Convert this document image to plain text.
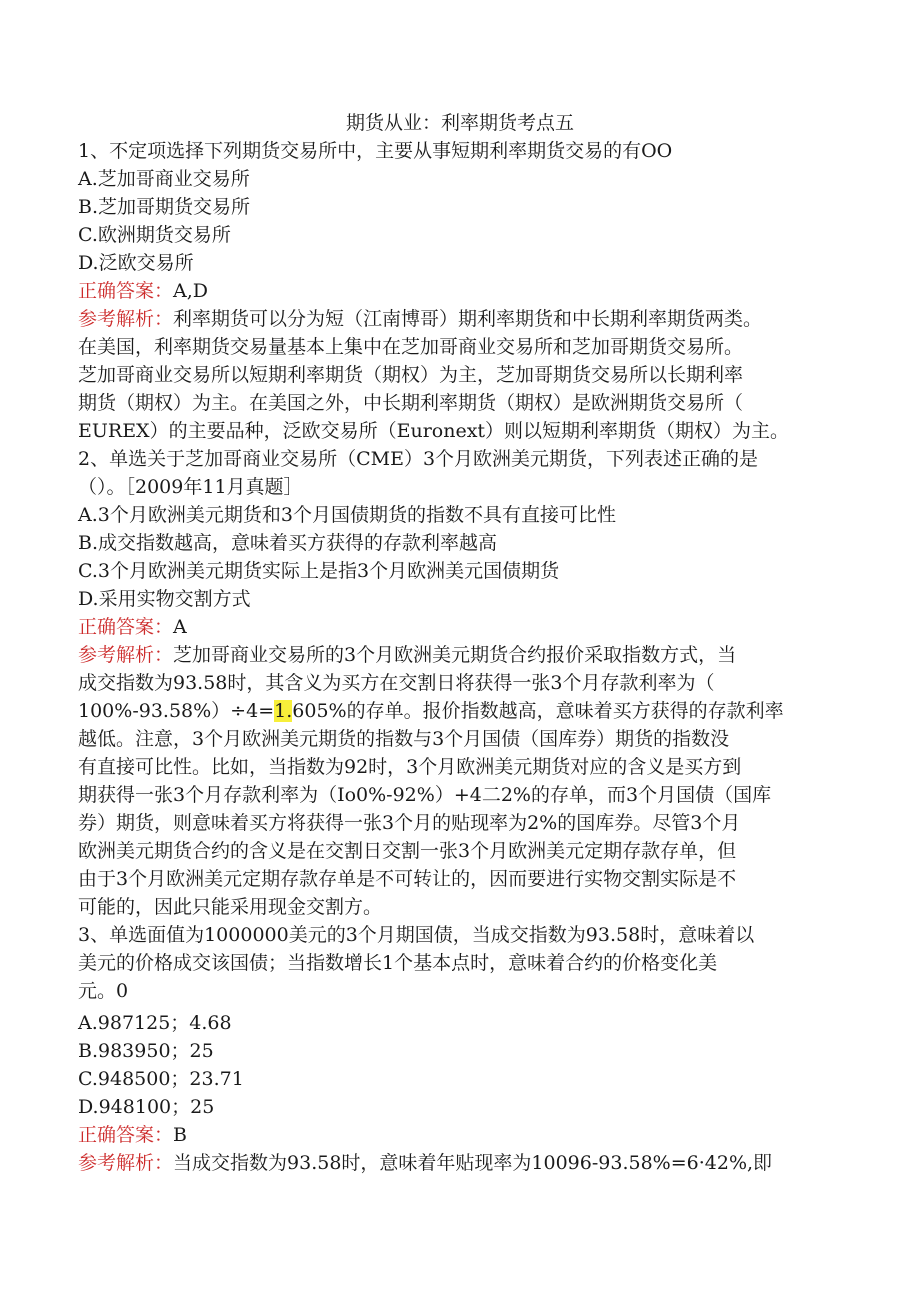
期货从业：利率期货考点五
1、不定项选择下列期货交易所中，主要从事短期利率期货交易的有OO
A.芝加哥商业交易所
B.芝加哥期货交易所
C.欧洲期货交易所
D.泛欧交易所
正确答案：A,D
参考解析：利率期货可以分为短（江南博哥）期利率期货和中长期利率期货两类。
在美国，利率期货交易量基本上集中在芝加哥商业交易所和芝加哥期货交易所。
芝加哥商业交易所以短期利率期货（期权）为主，芝加哥期货交易所以长期利率
期货（期权）为主。在美国之外，中长期利率期货（期权）是欧洲期货交易所（
EUREX）的主要品种，泛欧交易所（Euronext）则以短期利率期货（期权）为主。
2、单选关于芝加哥商业交易所（CME）3个月欧洲美元期货，下列表述正确的是
（）。［2009年11月真题］
A.3个月欧洲美元期货和3个月国债期货的指数不具有直接可比性
B.成交指数越高，意味着买方获得的存款利率越高
C.3个月欧洲美元期货实际上是指3个月欧洲美元国债期货
D.采用实物交割方式
正确答案：A
参考解析：芝加哥商业交易所的3个月欧洲美元期货合约报价采取指数方式，当
成交指数为93.58时，其含义为买方在交割日将获得一张3个月存款利率为（
100%-93.58%）÷4=1.605%的存单。报价指数越高，意味着买方获得的存款利率
越低。注意，3个月欧洲美元期货的指数与3个月国债（国库券）期货的指数没
有直接可比性。比如，当指数为92时，3个月欧洲美元期货对应的含义是买方到
期获得一张3个月存款利率为（Io0%-92%）+4二2%的存单，而3个月国债（国库
券）期货，则意味着买方将获得一张3个月的贴现率为2%的国库券。尽管3个月
欧洲美元期货合约的含义是在交割日交割一张3个月欧洲美元定期存款存单，但
由于3个月欧洲美元定期存款存单是不可转让的，因而要进行实物交割实际是不
可能的，因此只能采用现金交割方。
3、单选面值为1000000美元的3个月期国债，当成交指数为93.58时，意味着以
美元的价格成交该国债；当指数增长1个基本点时，意味着合约的价格变化美
元。0
A.987125；4.68
B.983950；25
C.948500；23.71
D.948100；25
正确答案：B
参考解析：当成交指数为93.58时，意味着年贴现率为10096-93.58%=6·42%,即
